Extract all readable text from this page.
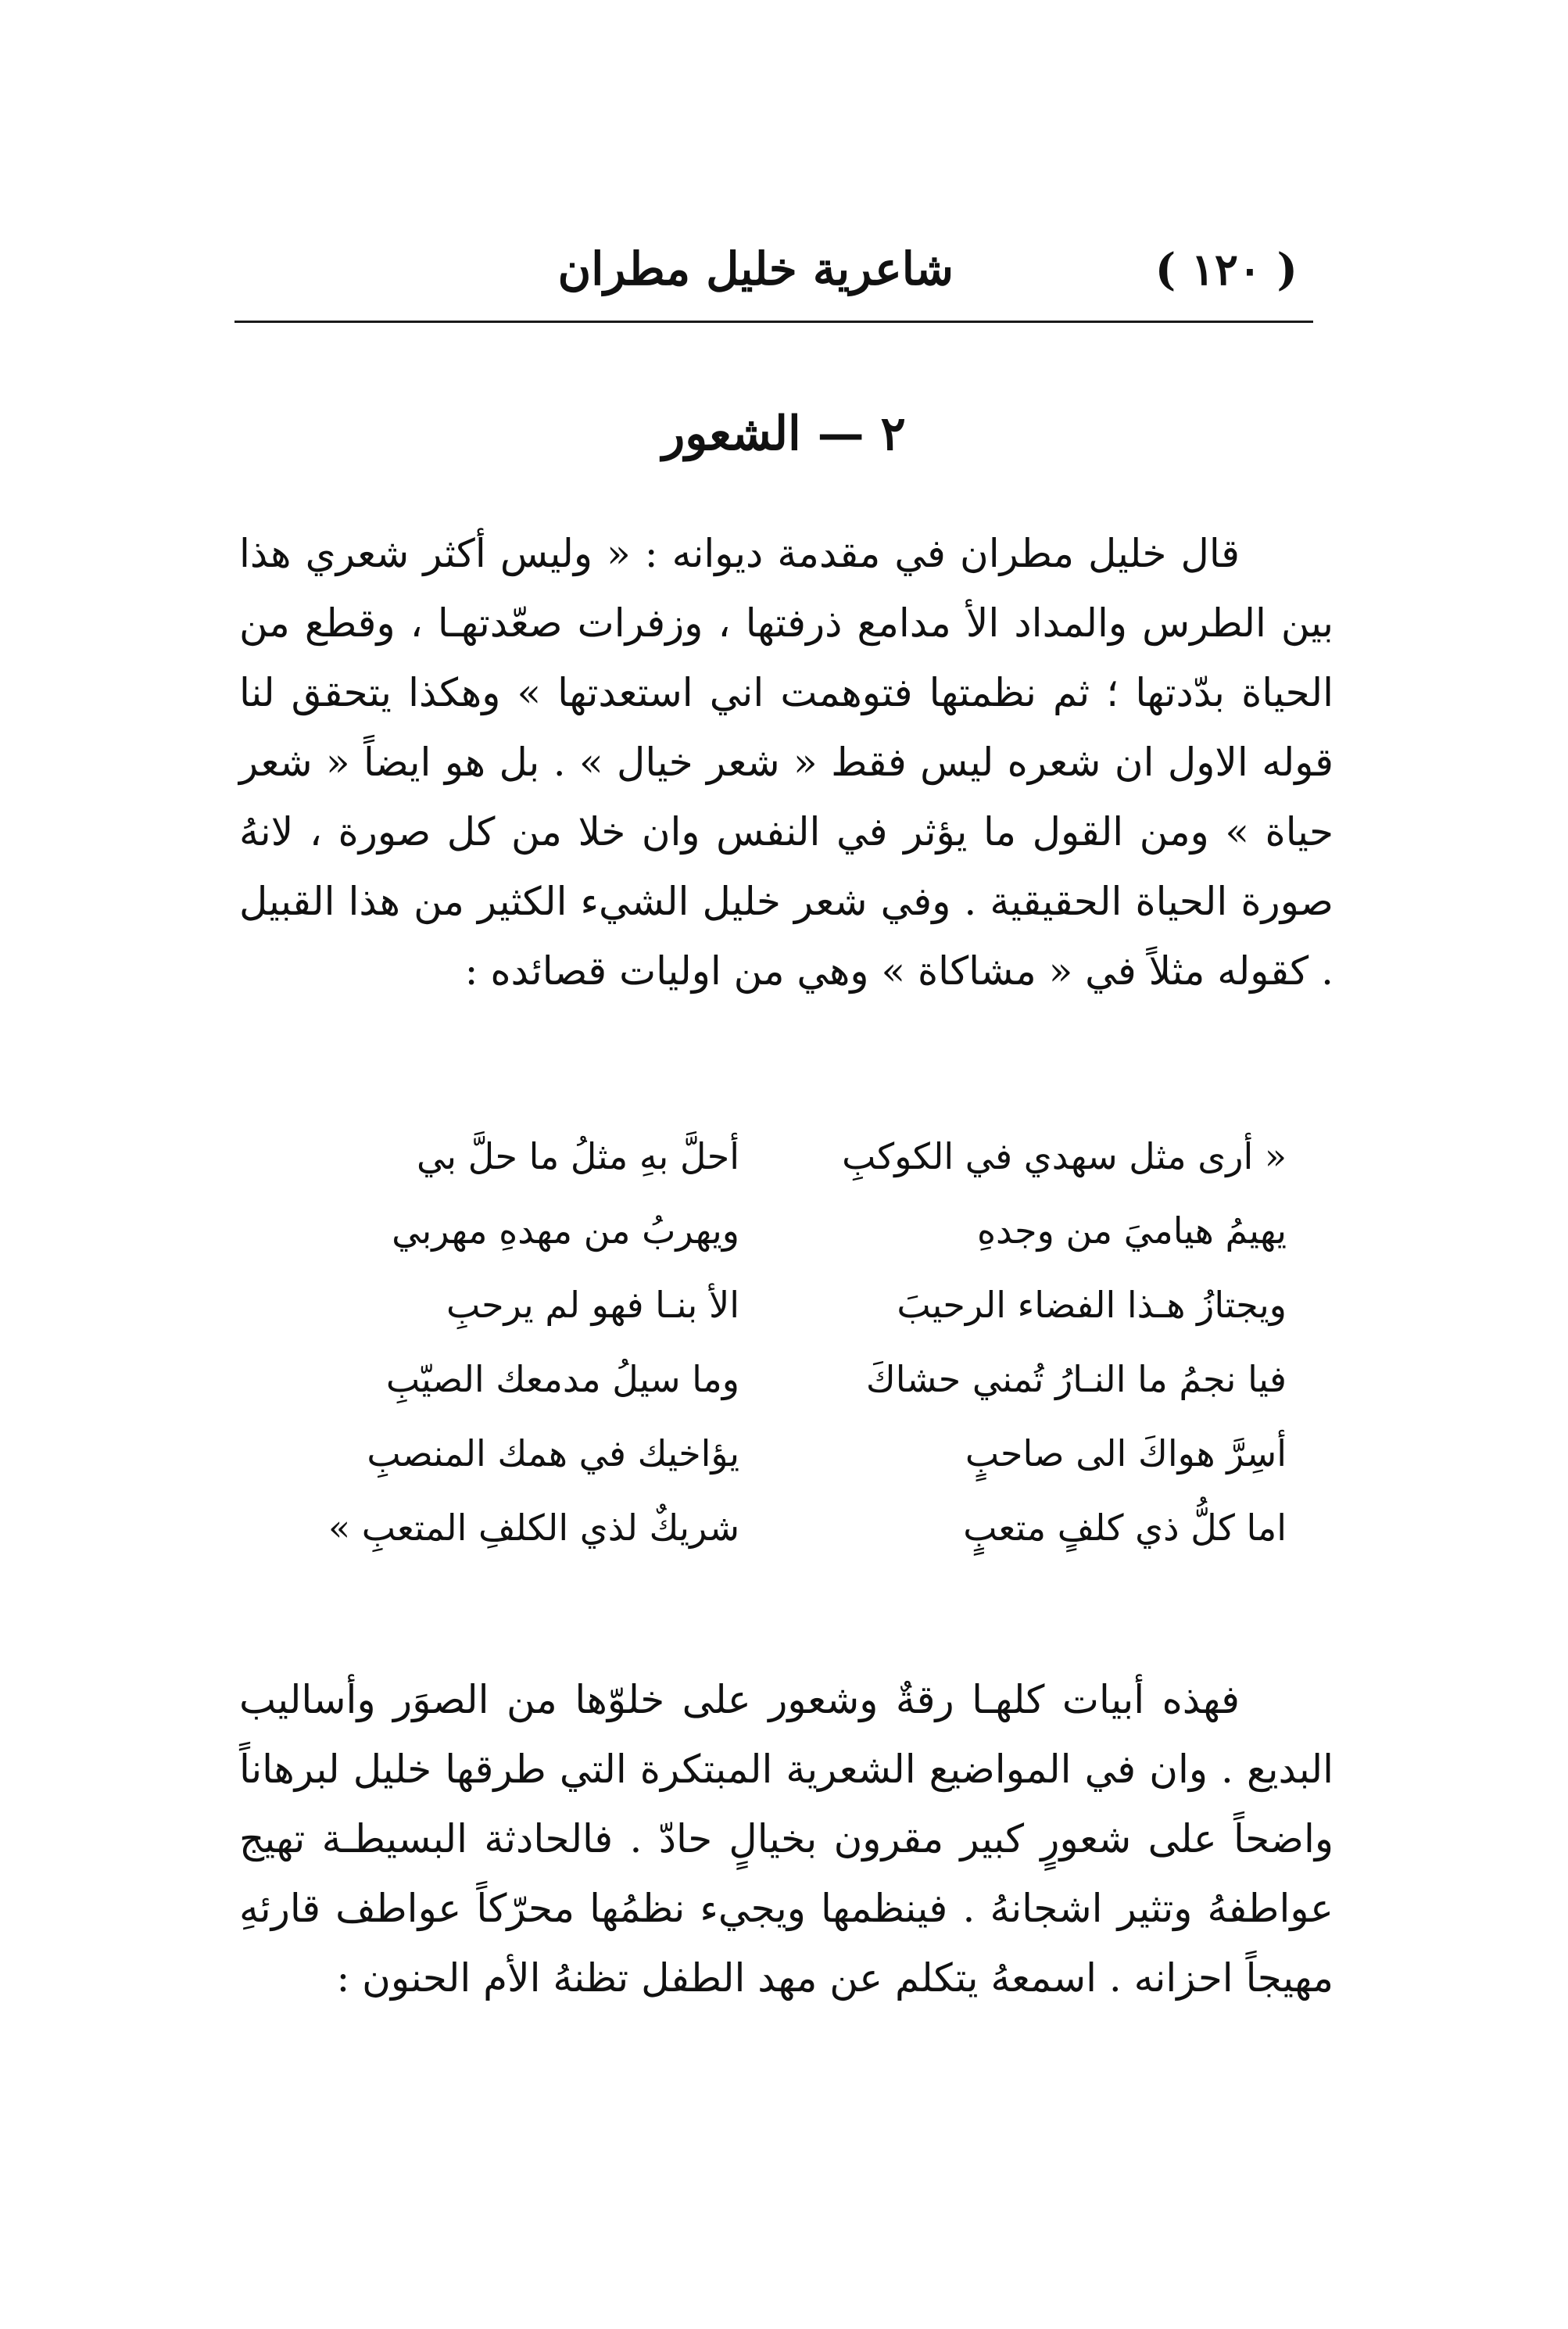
( ١٢٠ )
شاعرية خليل مطران
٢ — الشعور

قال خليل مطران في مقدمة ديوانه : « وليس أكثر شعري هذا بين الطرس والمداد الأ مدامع ذرفتها ، وزفرات صعّدتهـا ، وقطع من الحياة بدّدتها ؛ ثم نظمتها فتوهمت اني استعدتها » وهكذا يتحقق لنا قوله الاول ان شعره ليس فقط « شعر خيال » . بل هو ايضاً « شعر حياة » ومن القول ما يؤثر في النفس وان خلا من كل صورة ، لانهُ صورة الحياة الحقيقية . وفي شعر خليل الشيء الكثير من هذا القبيل . كقوله مثلاً في « مشاكاة » وهي من اوليات قصائده :

« أرى مثل سهدي في الكوكبِ
أحلَّ بهِ مثلُ ما حلَّ بي
يهيمُ هياميَ من وجدهِ
ويهربُ من مهدهِ مهربي
ويجتازُ هـذا الفضاء الرحيبَ
الأ بنـا فهو لم يرحبِ
فيا نجمُ ما النـارُ تُمني حشاكَ
وما سيلُ مدمعك الصيّبِ
أسِرَّ هواكَ الى صاحبٍ
يؤاخيك في همك المنصبِ
اما كلُّ ذي كلفٍ متعبٍ
شريكٌ لذي الكلفِ المتعبِ »

فهذه أبيات كلهـا رقةٌ وشعور على خلوّها من الصوَر وأساليب البديع . وان في المواضيع الشعرية المبتكرة التي طرقها خليل لبرهاناً واضحاً على شعورٍ كبير مقرون بخيالٍ حادّ . فالحادثة البسيطـة تهيج عواطفهُ وتثير اشجانهُ . فينظمها ويجيء نظمُها محرّكاً عواطف قارئهِ مهيجاً احزانه . اسمعهُ يتكلم عن مهد الطفل تظنهُ الأم الحنون :
